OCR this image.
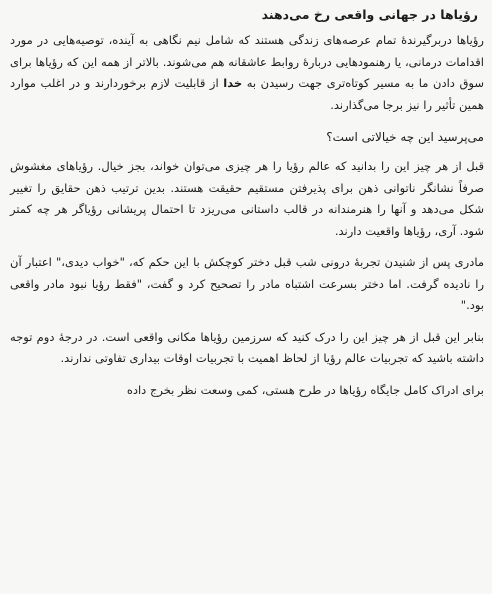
رؤیاها در جهانی واقعی رخ می‌دهند

رؤیاها دربرگیرندهٔ تمام عرصه‌های زندگی هستند که شامل نیم نگاهی به آینده، توصیه‌هایی در مورد اقدامات درمانی، یا رهنمودهایی دربارهٔ روابط عاشقانه هم می‌شوند. بالاتر از همه این که رؤیاها برای سوق دادن ما به مسیر کوتاه‌تری جهت رسیدن به خدا از قابلیت لازم برخوردارند و در اغلب موارد همین تأثیر را نیز برجا می‌گذارند.

می‌پرسید این چه خیالاتی است؟

قبل از هر چیز این را بدانید که عالم رؤیا را هر چیزی می‌توان خواند، بجز خیال. رؤیاهای مغشوش صرفاً نشانگر ناتوانی ذهن برای پذیرفتن مستقیم حقیقت هستند. بدین ترتیب ذهن حقایق را تغییر شکل می‌دهد و آنها را هنرمندانه در قالب داستانی می‌ریزد تا احتمال پریشانی رؤیاگر هر چه کمتر شود. آری، رؤیاها واقعیت دارند.

مادری پس از شنیدن تجربهٔ درونی شب قبل دختر کوچکش با این حکم که، "خواب دیدی،" اعتبار آن را نادیده گرفت. اما دختر بسرعت اشتباه مادر را تصحیح کرد و گفت، "فقط رؤیا نبود مادر واقعی بود."

بنابر این قبل از هر چیز این را درک کنید که سرزمین رؤیاها مکانی واقعی است. در درجهٔ دوم توجه داشته باشید که تجربیات عالم رؤیا از لحاظ اهمیت با تجربیات اوقات بیداری تفاوتی ندارند.

برای ادراک کامل جایگاه رؤیاها در طرح هستی، کمی وسعت نظر بخرج داده
